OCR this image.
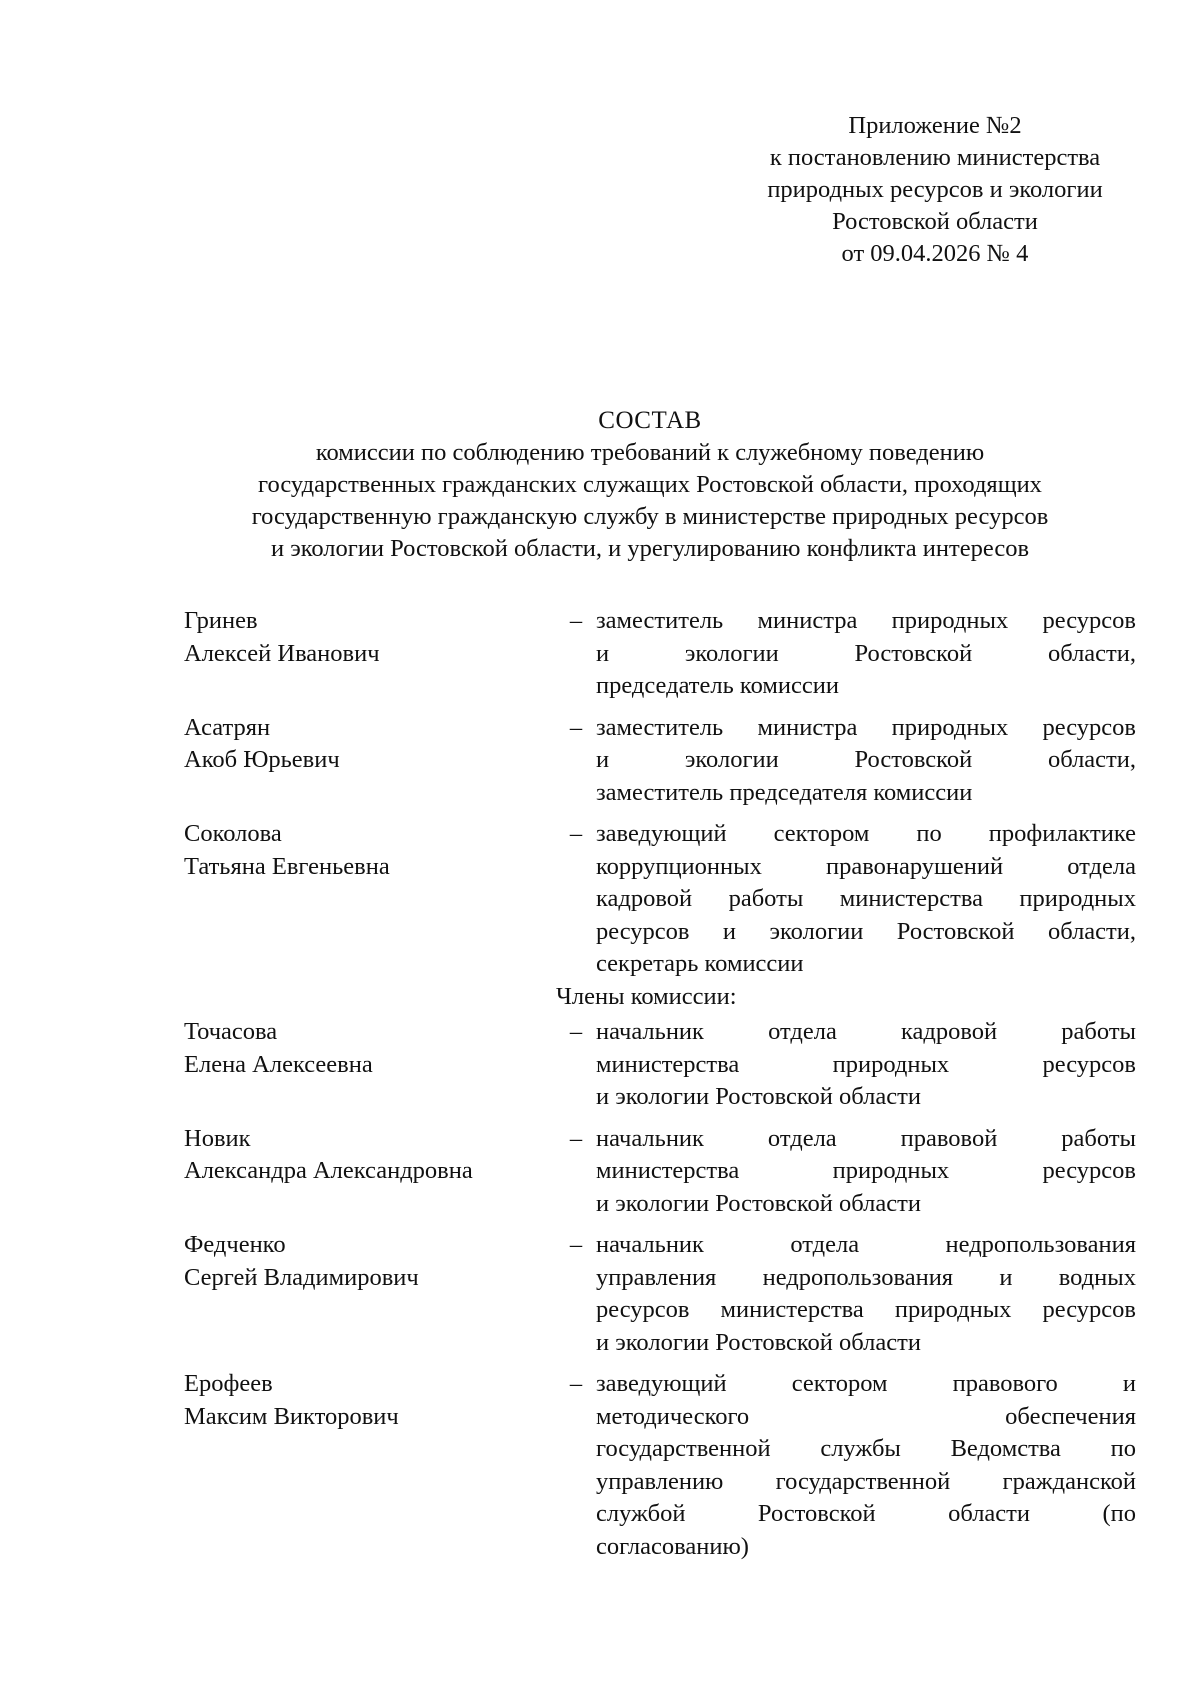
Приложение №2
к постановлению министерства
природных ресурсов и экологии
Ростовской области
от 09.04.2026 № 4
СОСТАВ
комиссии по соблюдению требований к служебному поведению
государственных гражданских служащих Ростовской области, проходящих
государственную гражданскую службу в министерстве природных ресурсов
и экологии Ростовской области, и урегулированию конфликта интересов
Гринев
Алексей Иванович
– заместитель министра природных ресурсов
и экологии Ростовской области,
председатель комиссии
Асатрян
Акоб Юрьевич
– заместитель министра природных ресурсов
и экологии Ростовской области,
заместитель председателя комиссии
Соколова
Татьяна Евгеньевна
– заведующий сектором по профилактике
коррупционных правонарушений отдела
кадровой работы министерства природных
ресурсов и экологии Ростовской области,
секретарь комиссии
Члены комиссии:
Точасова
Елена Алексеевна
– начальник отдела кадровой работы
министерства природных ресурсов
и экологии Ростовской области
Новик
Александра Александровна
– начальник отдела правовой работы
министерства природных ресурсов
и экологии Ростовской области
Федченко
Сергей Владимирович
– начальник отдела недропользования
управления недропользования и водных
ресурсов министерства природных ресурсов
и экологии Ростовской области
Ерофеев
Максим Викторович
– заведующий сектором правового и
методического обеспечения
государственной службы Ведомства по
управлению государственной гражданской
службой Ростовской области (по
согласованию)
